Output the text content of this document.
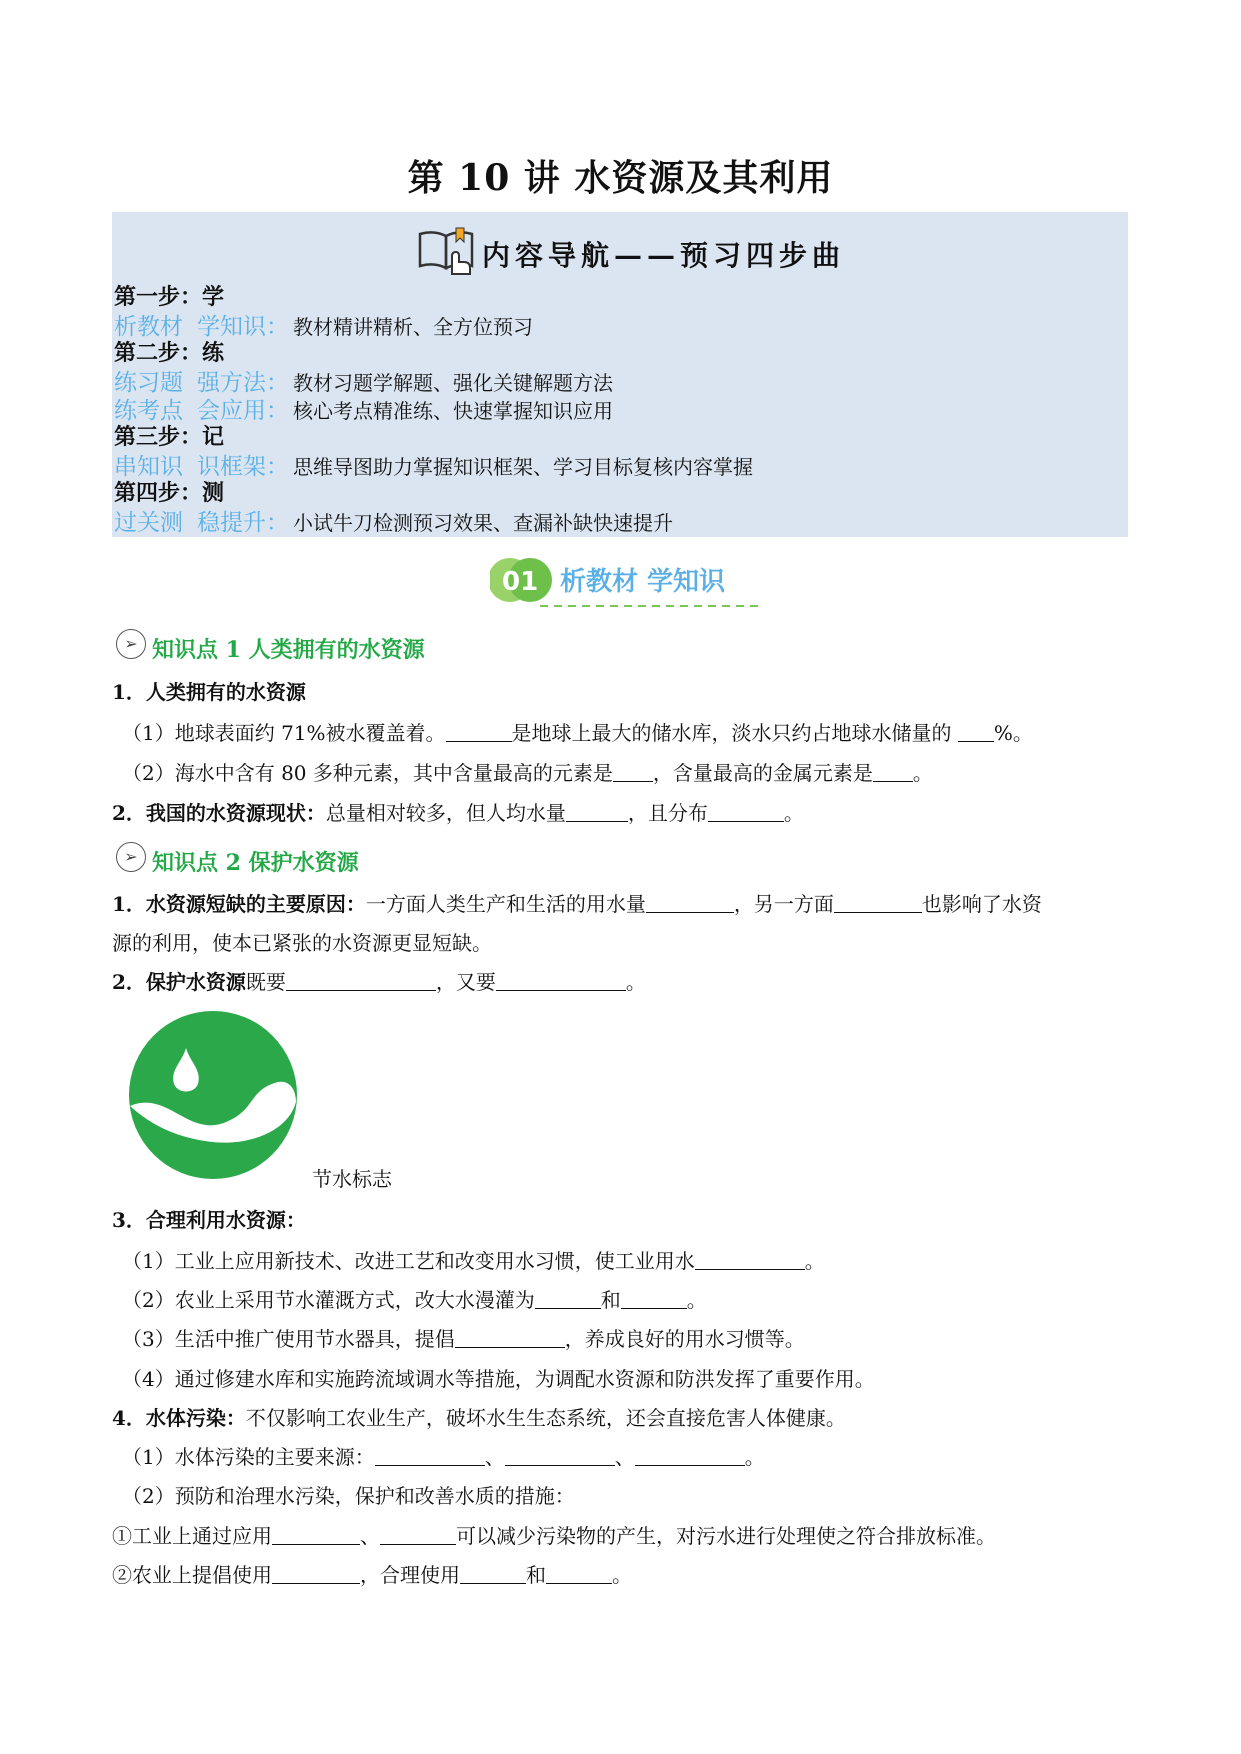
第 10 讲 水资源及其利用
内容导航——预习四步曲
第一步：学
析教材 学知识： 教材精讲精析、全方位预习
第二步：练
练习题 强方法： 教材习题学解题、强化关键解题方法
练考点 会应用： 核心考点精准练、快速掌握知识应用
第三步：记
串知识 识框架： 思维导图助力掌握知识框架、学习目标复核内容掌握
第四步：测
过关测 稳提升： 小试牛刀检测预习效果、查漏补缺快速提升
01 析教材 学知识
➢ 知识点 1 人类拥有的水资源
1．人类拥有的水资源
（1）地球表面约 71%被水覆盖着。	是地球上最大的储水库，淡水只约占地球水储量的 %。
（2）海水中含有 80 多种元素，其中含量最高的元素是 ，含量最高的金属元素是 。
2．我国的水资源现状：总量相对较多，但人均水量	，且分布	。
➢ 知识点 2 保护水资源
1．水资源短缺的主要原因：一方面人类生产和生活的用水量	，另一方面	也影响了水资
源的利用，使本已紧张的水资源更显短缺。
2．保护水资源既要	，又要	。
节水标志
3．合理利用水资源：
（1）工业上应用新技术、改进工艺和改变用水习惯，使工业用水	。
（2）农业上采用节水灌溉方式，改大水漫灌为	和	。
（3）生活中推广使用节水器具，提倡	，养成良好的用水习惯等。
（4）通过修建水库和实施跨流域调水等措施，为调配水资源和防洪发挥了重要作用。
4．水体污染：不仅影响工农业生产，破坏水生生态系统，还会直接危害人体健康。
（1）水体污染的主要来源：	、	、	。
（2）预防和治理水污染，保护和改善水质的措施：
①工业上通过应用	、	可以减少污染物的产生，对污水进行处理使之符合排放标准。
②农业上提倡使用	，合理使用	和	。
